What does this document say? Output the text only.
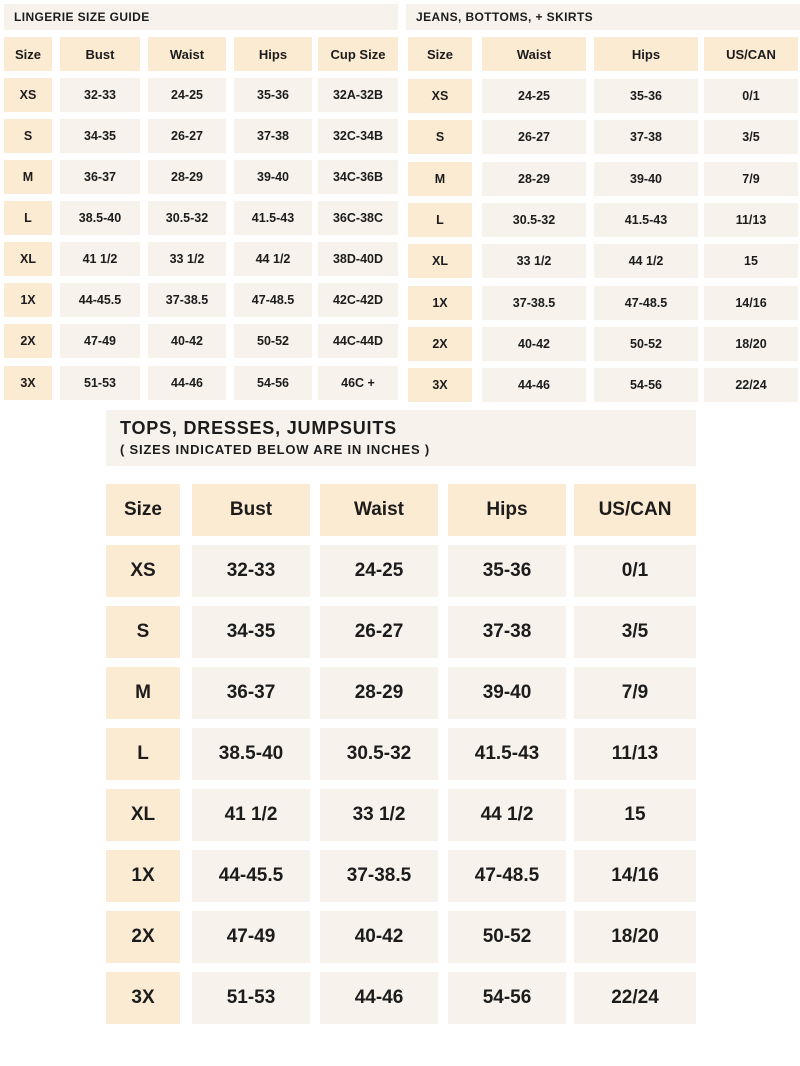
LINGERIE SIZE GUIDE	JEANS, BOTTOMS, + SKIRTS
TOPS, DRESSES, JUMPSUITS
( SIZES INDICATED BELOW ARE IN INCHES )
Size	Bust	Waist	Hips	Cup Size
XS	32-33	24-25	35-36	32A-32B
S	34-35	26-27	37-38	32C-34B
M	36-37	28-29	39-40	34C-36B
L	38.5-40	30.5-32	41.5-43	36C-38C
XL	41 1/2	33 1/2	44 1/2	38D-40D
1X	44-45.5	37-38.5	47-48.5	42C-42D
2X	47-49	40-42	50-52	44C-44D
3X	51-53	44-46	54-56	46C +
Size	Waist	Hips	US/CAN
XS	24-25	35-36	0/1
S	26-27	37-38	3/5
M	28-29	39-40	7/9
L	30.5-32	41.5-43	11/13
XL	33 1/2	44 1/2	15
1X	37-38.5	47-48.5	14/16
2X	40-42	50-52	18/20
3X	44-46	54-56	22/24
Size	Bust	Waist	Hips	US/CAN
XS	32-33	24-25	35-36	0/1
S	34-35	26-27	37-38	3/5
M	36-37	28-29	39-40	7/9
L	38.5-40	30.5-32	41.5-43	11/13
XL	41 1/2	33 1/2	44 1/2	15
1X	44-45.5	37-38.5	47-48.5	14/16
2X	47-49	40-42	50-52	18/20
3X	51-53	44-46	54-56	22/24
